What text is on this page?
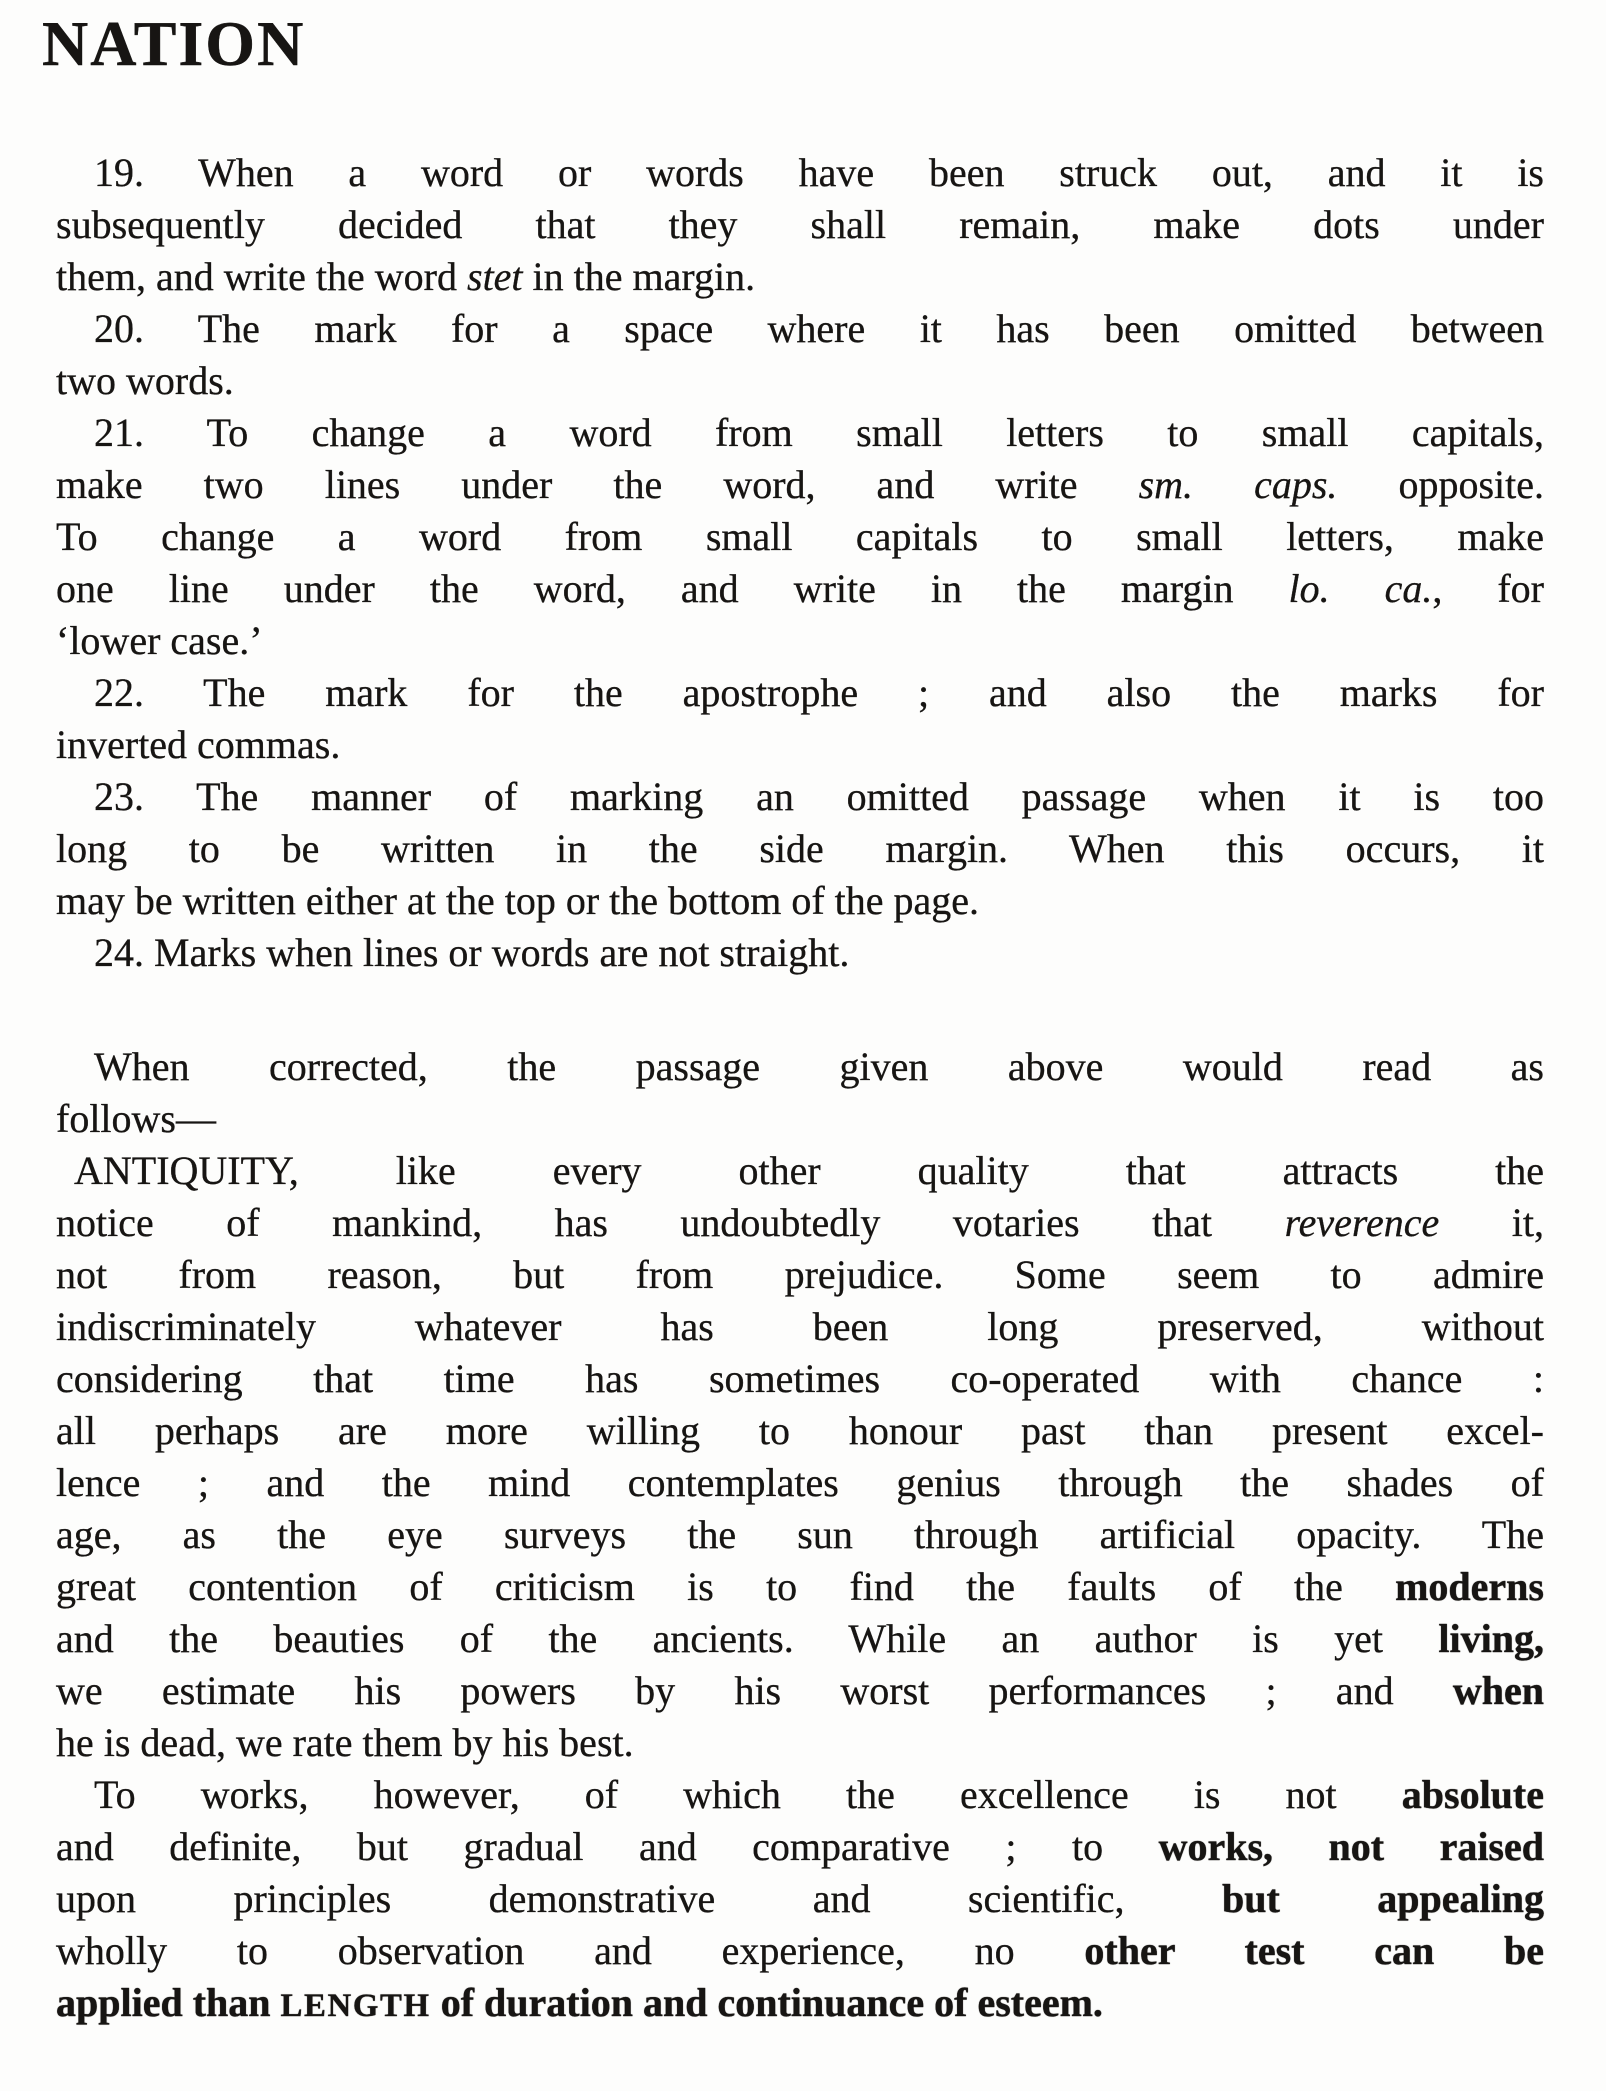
NATION

19. When a word or words have been struck out, and it is
subsequently decided that they shall remain, make dots under
them, and write the word stet in the margin.

20. The mark for a space where it has been omitted between
two words.

21. To change a word from small letters to small capitals,
make two lines under the word, and write sm. caps. opposite.
To change a word from small capitals to small letters, make
one line under the word, and write in the margin lo. ca., for
‘lower case.’

22. The mark for the apostrophe ; and also the marks for
inverted commas.

23. The manner of marking an omitted passage when it is too
long to be written in the side margin. When this occurs, it
may be written either at the top or the bottom of the page.

24. Marks when lines or words are not straight.

When corrected, the passage given above would read as
follows—

ANTIQUITY, like every other quality that attracts the
notice of mankind, has undoubtedly votaries that reverence it,
not from reason, but from prejudice. Some seem to admire
indiscriminately whatever has been long preserved, without
considering that time has sometimes co-operated with chance :
all perhaps are more willing to honour past than present excel-
lence ; and the mind contemplates genius through the shades of
age, as the eye surveys the sun through artificial opacity. The
great contention of criticism is to find the faults of the moderns
and the beauties of the ancients. While an author is yet living,
we estimate his powers by his worst performances ; and when
he is dead, we rate them by his best.

To works, however, of which the excellence is not absolute
and definite, but gradual and comparative ; to works, not raised
upon principles demonstrative and scientific, but appealing
wholly to observation and experience, no other test can be
applied than LENGTH of duration and continuance of esteem.
